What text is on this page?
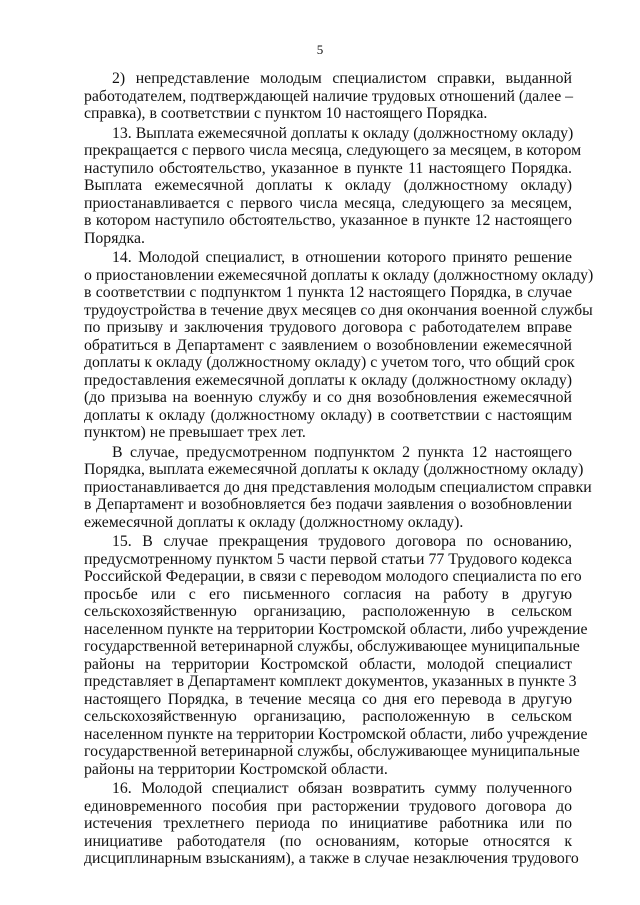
5
2) непредставление молодым специалистом справки, выданной
работодателем, подтверждающей наличие трудовых отношений (далее –
справка), в соответствии с пунктом 10 настоящего Порядка.
13. Выплата ежемесячной доплаты к окладу (должностному окладу)
прекращается с первого числа месяца, следующего за месяцем, в котором
наступило обстоятельство, указанное в пункте 11 настоящего Порядка.
Выплата ежемесячной доплаты к окладу (должностному окладу)
приостанавливается с первого числа месяца, следующего за месяцем,
в котором наступило обстоятельство, указанное в пункте 12 настоящего
Порядка.
14. Молодой специалист, в отношении которого принято решение
о приостановлении ежемесячной доплаты к окладу (должностному окладу)
в соответствии с подпунктом 1 пункта 12 настоящего Порядка, в случае
трудоустройства в течение двух месяцев со дня окончания военной службы
по призыву и заключения трудового договора с работодателем вправе
обратиться в Департамент с заявлением о возобновлении ежемесячной
доплаты к окладу (должностному окладу) с учетом того, что общий срок
предоставления ежемесячной доплаты к окладу (должностному окладу)
(до призыва на военную службу и со дня возобновления ежемесячной
доплаты к окладу (должностному окладу) в соответствии с настоящим
пунктом) не превышает трех лет.
В случае, предусмотренном подпунктом 2 пункта 12 настоящего
Порядка, выплата ежемесячной доплаты к окладу (должностному окладу)
приостанавливается до дня представления молодым специалистом справки
в Департамент и возобновляется без подачи заявления о возобновлении
ежемесячной доплаты к окладу (должностному окладу).
15. В случае прекращения трудового договора по основанию,
предусмотренному пунктом 5 части первой статьи 77 Трудового кодекса
Российской Федерации, в связи с переводом молодого специалиста по его
просьбе или с его письменного согласия на работу в другую
сельскохозяйственную организацию, расположенную в сельском
населенном пункте на территории Костромской области, либо учреждение
государственной ветеринарной службы, обслуживающее муниципальные
районы на территории Костромской области, молодой специалист
представляет в Департамент комплект документов, указанных в пункте 3
настоящего Порядка, в течение месяца со дня его перевода в другую
сельскохозяйственную организацию, расположенную в сельском
населенном пункте на территории Костромской области, либо учреждение
государственной ветеринарной службы, обслуживающее муниципальные
районы на территории Костромской области.
16. Молодой специалист обязан возвратить сумму полученного
единовременного пособия при расторжении трудового договора до
истечения трехлетнего периода по инициативе работника или по
инициативе работодателя (по основаниям, которые относятся к
дисциплинарным взысканиям), а также в случае незаключения трудового
